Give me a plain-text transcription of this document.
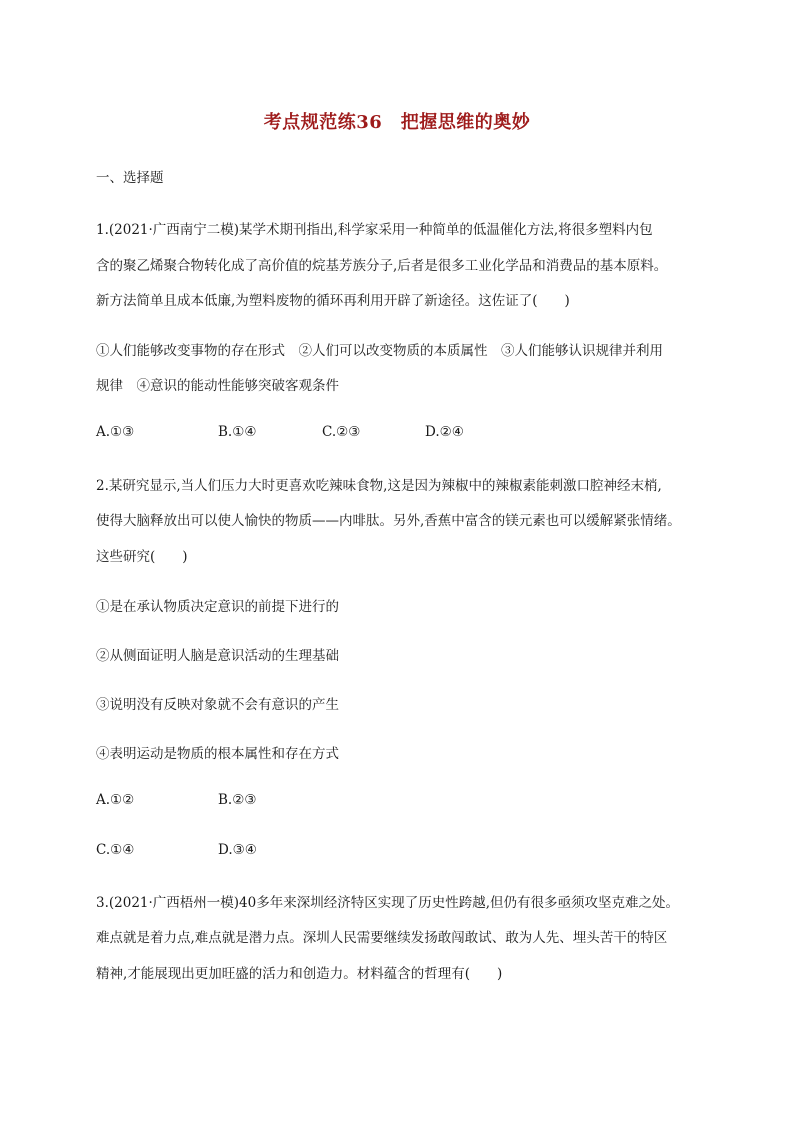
考点规范练36　把握思维的奥妙
一、选择题
1.(2021·广西南宁二模)某学术期刊指出,科学家采用一种简单的低温催化方法,将很多塑料内包
含的聚乙烯聚合物转化成了高价值的烷基芳族分子,后者是很多工业化学品和消费品的基本原料。
新方法简单且成本低廉,为塑料废物的循环再利用开辟了新途径。这佐证了(　　)
①人们能够改变事物的存在形式　②人们可以改变物质的本质属性　③人们能够认识规律并利用
规律　④意识的能动性能够突破客观条件
A.①③	B.①④	C.②③	D.②④
2.某研究显示,当人们压力大时更喜欢吃辣味食物,这是因为辣椒中的辣椒素能刺激口腔神经末梢,
使得大脑释放出可以使人愉快的物质——内啡肽。另外,香蕉中富含的镁元素也可以缓解紧张情绪。
这些研究(　　)
①是在承认物质决定意识的前提下进行的
②从侧面证明人脑是意识活动的生理基础
③说明没有反映对象就不会有意识的产生
④表明运动是物质的根本属性和存在方式
A.①②	B.②③
C.①④	D.③④
3.(2021·广西梧州一模)40多年来深圳经济特区实现了历史性跨越,但仍有很多亟须攻坚克难之处。
难点就是着力点,难点就是潜力点。深圳人民需要继续发扬敢闯敢试、敢为人先、埋头苦干的特区
精神,才能展现出更加旺盛的活力和创造力。材料蕴含的哲理有(　　)
